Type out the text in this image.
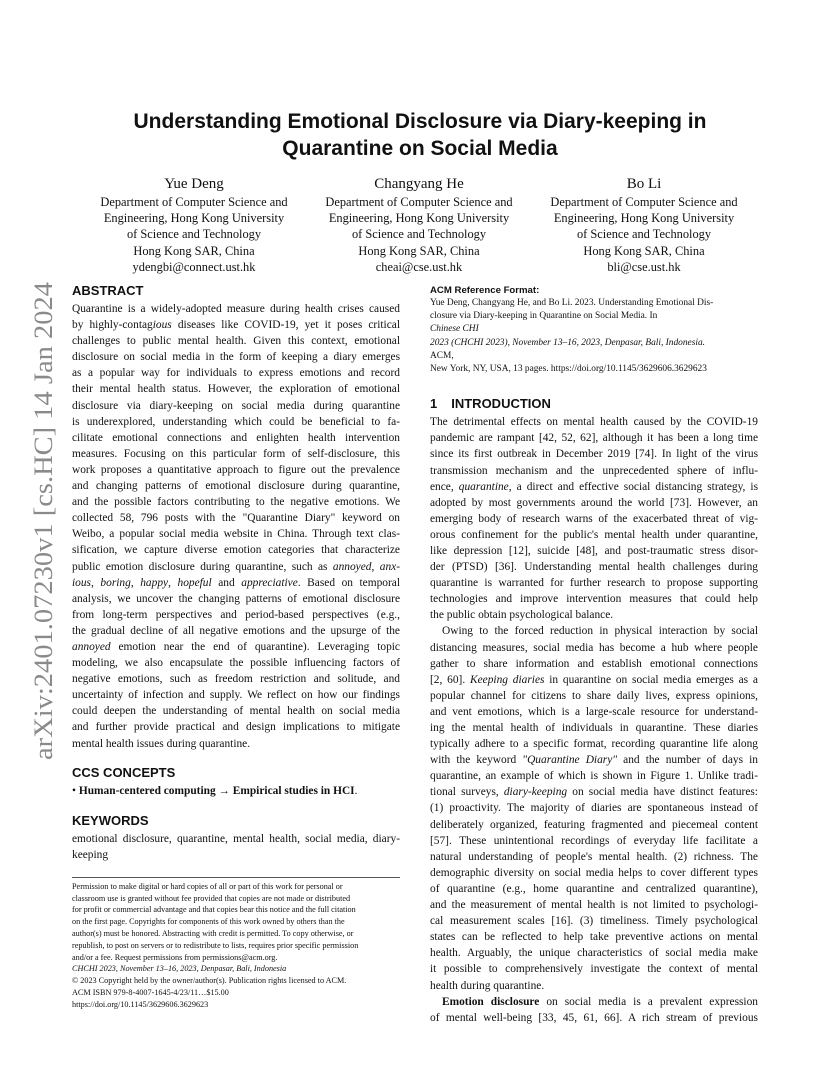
arXiv:2401.07230v1 [cs.HC] 14 Jan 2024
Understanding Emotional Disclosure via Diary-keeping in
Quarantine on Social Media
Yue Deng
Department of Computer Science and
Engineering, Hong Kong University
of Science and Technology
Hong Kong SAR, China
ydengbi@connect.ust.hk
Changyang He
Department of Computer Science and
Engineering, Hong Kong University
of Science and Technology
Hong Kong SAR, China
cheai@cse.ust.hk
Bo Li
Department of Computer Science and
Engineering, Hong Kong University
of Science and Technology
Hong Kong SAR, China
bli@cse.ust.hk
ABSTRACT
Quarantine is a widely-adopted measure during health crises caused
by highly-contagious diseases like COVID-19, yet it poses critical
challenges to public mental health. Given this context, emotional
disclosure on social media in the form of keeping a diary emerges
as a popular way for individuals to express emotions and record
their mental health status. However, the exploration of emotional
disclosure via diary-keeping on social media during quarantine
is underexplored, understanding which could be beneficial to fa-
cilitate emotional connections and enlighten health intervention
measures. Focusing on this particular form of self-disclosure, this
work proposes a quantitative approach to figure out the prevalence
and changing patterns of emotional disclosure during quarantine,
and the possible factors contributing to the negative emotions. We
collected 58, 796 posts with the "Quarantine Diary" keyword on
Weibo, a popular social media website in China. Through text clas-
sification, we capture diverse emotion categories that characterize
public emotion disclosure during quarantine, such as annoyed, anx-
ious, boring, happy, hopeful and appreciative. Based on temporal
analysis, we uncover the changing patterns of emotional disclosure
from long-term perspectives and period-based perspectives (e.g.,
the gradual decline of all negative emotions and the upsurge of the
annoyed emotion near the end of quarantine). Leveraging topic
modeling, we also encapsulate the possible influencing factors of
negative emotions, such as freedom restriction and solitude, and
uncertainty of infection and supply. We reflect on how our findings
could deepen the understanding of mental health on social media
and further provide practical and design implications to mitigate
mental health issues during quarantine.
CCS CONCEPTS
• Human-centered computing → Empirical studies in HCI.
KEYWORDS
emotional disclosure, quarantine, mental health, social media, diary-
keeping
Permission to make digital or hard copies of all or part of this work for personal or
classroom use is granted without fee provided that copies are not made or distributed
for profit or commercial advantage and that copies bear this notice and the full citation
on the first page. Copyrights for components of this work owned by others than the
author(s) must be honored. Abstracting with credit is permitted. To copy otherwise, or
republish, to post on servers or to redistribute to lists, requires prior specific permission
and/or a fee. Request permissions from permissions@acm.org.
CHCHI 2023, November 13–16, 2023, Denpasar, Bali, Indonesia
© 2023 Copyright held by the owner/author(s). Publication rights licensed to ACM.
ACM ISBN 979-8-4007-1645-4/23/11…$15.00
https://doi.org/10.1145/3629606.3629623
ACM Reference Format:
Yue Deng, Changyang He, and Bo Li. 2023. Understanding Emotional Dis-
closure via Diary-keeping in Quarantine on Social Media. In
Chinese CHI
2023 (CHCHI 2023), November 13–16, 2023, Denpasar, Bali, Indonesia.
ACM,
New York, NY, USA, 13 pages. https://doi.org/10.1145/3629606.3629623
1 INTRODUCTION
The detrimental effects on mental health caused by the COVID-19
pandemic are rampant [42, 52, 62], although it has been a long time
since its first outbreak in December 2019 [74]. In light of the virus
transmission mechanism and the unprecedented sphere of influ-
ence, quarantine, a direct and effective social distancing strategy, is
adopted by most governments around the world [73]. However, an
emerging body of research warns of the exacerbated threat of vig-
orous confinement for the public's mental health under quarantine,
like depression [12], suicide [48], and post-traumatic stress disor-
der (PTSD) [36]. Understanding mental health challenges during
quarantine is warranted for further research to propose supporting
technologies and improve intervention measures that could help
the public obtain psychological balance.
Owing to the forced reduction in physical interaction by social
distancing measures, social media has become a hub where people
gather to share information and establish emotional connections
[2, 60]. Keeping diaries in quarantine on social media emerges as a
popular channel for citizens to share daily lives, express opinions,
and vent emotions, which is a large-scale resource for understand-
ing the mental health of individuals in quarantine. These diaries
typically adhere to a specific format, recording quarantine life along
with the keyword "Quarantine Diary" and the number of days in
quarantine, an example of which is shown in Figure 1. Unlike tradi-
tional surveys, diary-keeping on social media have distinct features:
(1) proactivity. The majority of diaries are spontaneous instead of
deliberately organized, featuring fragmented and piecemeal content
[57]. These unintentional recordings of everyday life facilitate a
natural understanding of people's mental health. (2) richness. The
demographic diversity on social media helps to cover different types
of quarantine (e.g., home quarantine and centralized quarantine),
and the measurement of mental health is not limited to psychologi-
cal measurement scales [16]. (3) timeliness. Timely psychological
states can be reflected to help take preventive actions on mental
health. Arguably, the unique characteristics of social media make
it possible to comprehensively investigate the context of mental
health during quarantine.
Emotion disclosure on social media is a prevalent expression
of mental well-being [33, 45, 61, 66]. A rich stream of previous
